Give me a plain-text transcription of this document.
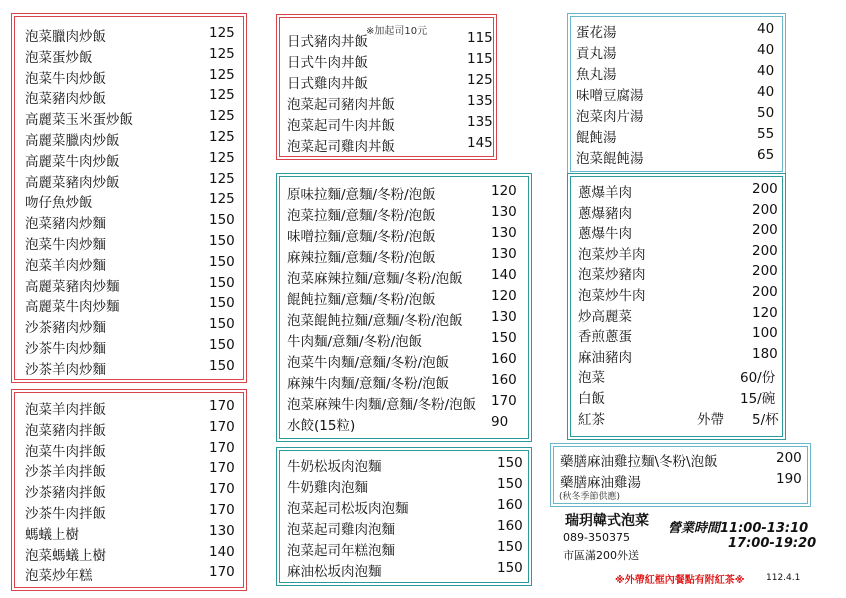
泡菜臘肉炒飯	125
泡菜蛋炒飯	125
泡菜牛肉炒飯	125
泡菜豬肉炒飯	125
高麗菜玉米蛋炒飯	125
高麗菜臘肉炒飯	125
高麗菜牛肉炒飯	125
高麗菜豬肉炒飯	125
吻仔魚炒飯	125
泡菜豬肉炒麵	150
泡菜牛肉炒麵	150
泡菜羊肉炒麵	150
高麗菜豬肉炒麵	150
高麗菜牛肉炒麵	150
沙茶豬肉炒麵	150
沙茶牛肉炒麵	150
沙茶羊肉炒麵	150
泡菜羊肉拌飯	170
泡菜豬肉拌飯	170
泡菜牛肉拌飯	170
沙茶羊肉拌飯	170
沙茶豬肉拌飯	170
沙茶牛肉拌飯	170
螞蟻上樹	130
泡菜螞蟻上樹	140
泡菜炒年糕	170
日式豬肉丼飯	115
日式牛肉丼飯	115
日式雞肉丼飯	125
泡菜起司豬肉丼飯	135
泡菜起司牛肉丼飯	135
泡菜起司雞肉丼飯	145
※加起司10元
原味拉麵/意麵/冬粉/泡飯	120
泡菜拉麵/意麵/冬粉/泡飯	130
味噌拉麵/意麵/冬粉/泡飯	130
麻辣拉麵/意麵/冬粉/泡飯	130
泡菜麻辣拉麵/意麵/冬粉/泡飯 140
餛飩拉麵/意麵/冬粉/泡飯	120
泡菜餛飩拉麵/意麵/冬粉/泡飯 130
牛肉麵/意麵/冬粉/泡飯	150
泡菜牛肉麵/意麵/冬粉/泡飯	160
麻辣牛肉麵/意麵/冬粉/泡飯	160
泡菜麻辣牛肉麵/意麵/冬粉/泡飯 170
水餃(15粒)	90
牛奶松坂肉泡麵	150
牛奶雞肉泡麵	150
泡菜起司松坂肉泡麵	160
泡菜起司雞肉泡麵	160
泡菜起司年糕泡麵	150
麻油松坂肉泡麵	150
蛋花湯	40
貢丸湯	40
魚丸湯	40
味噌豆腐湯	40
泡菜肉片湯	50
餛飩湯	55
泡菜餛飩湯	65
蔥爆羊肉	200
蔥爆豬肉	200
蔥爆牛肉	200
泡菜炒羊肉	200
泡菜炒豬肉	200
泡菜炒牛肉	200
炒高麗菜	120
香煎蔥蛋	100
麻油豬肉	180
泡菜	60/份
白飯	15/碗
紅茶	外帶 5/杯
藥膳麻油雞拉麵\冬粉\泡飯	200
藥膳麻油雞湯	190
(秋冬季節供應)
瑞玥韓式泡菜
089-350375
市區滿200外送
營業時間11:00-13:10
17:00-19:20
※外帶紅框內餐點有附紅茶※ 112.4.1
